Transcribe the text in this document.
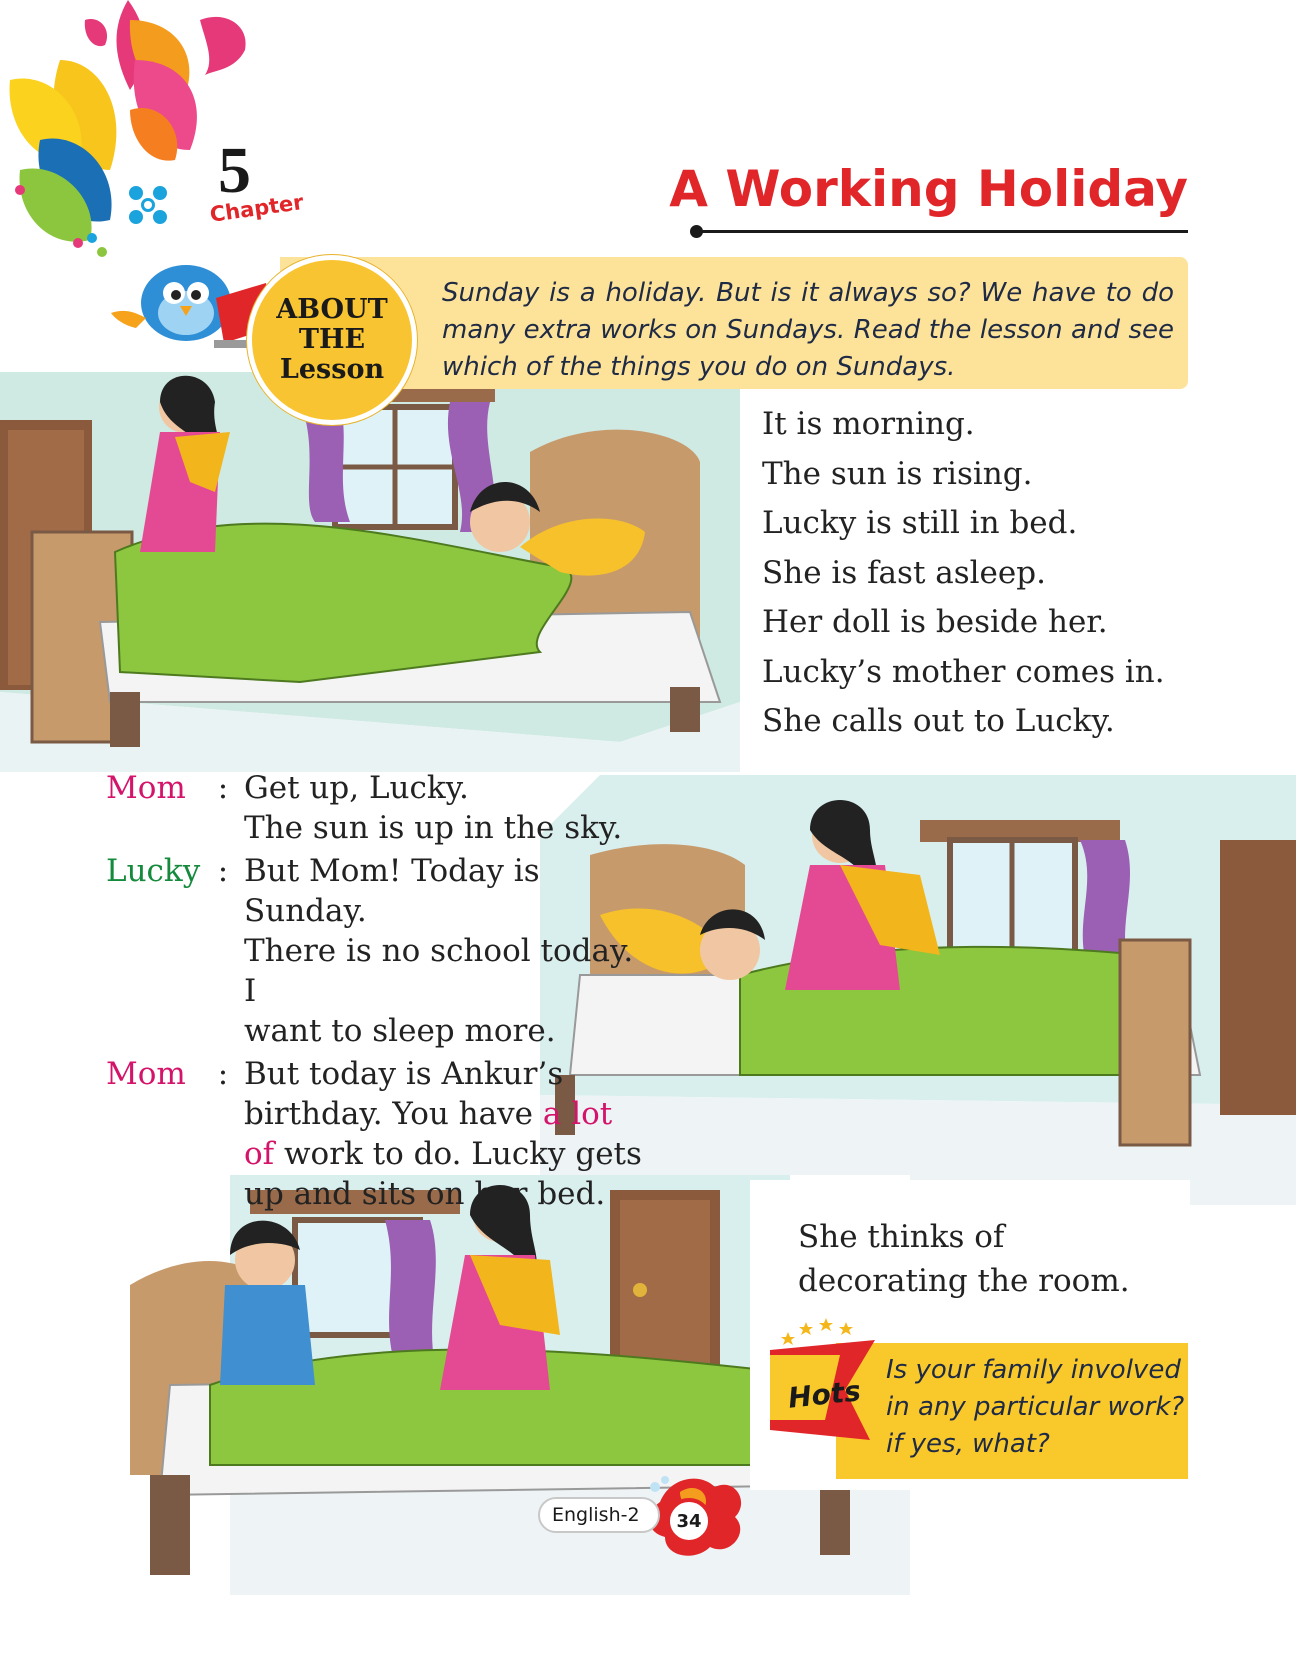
5
Chapter	A Working Holiday
ABOUT
THE
Lesson
Sunday is a holiday. But is it always so? We have to do many extra works on Sundays. Read the lesson and see which of the things you do on Sundays.
It is morning.
The sun is rising.
Lucky is still in bed.
She is fast asleep.
Her doll is beside her.
Lucky’s mother comes in.
She calls out to Lucky.
Mom	: Get up, Lucky.
The sun is up in the sky.
Lucky : But Mom! Today is Sunday.
There is no school today. I
want to sleep more.
Mom	: But today is Ankur’s
birthday. You have a lot
of work to do. Lucky gets
up and sits on her bed.
She thinks of
decorating the room.
Hots
Is your family involved in any particular work? if yes, what?
English-2	34
